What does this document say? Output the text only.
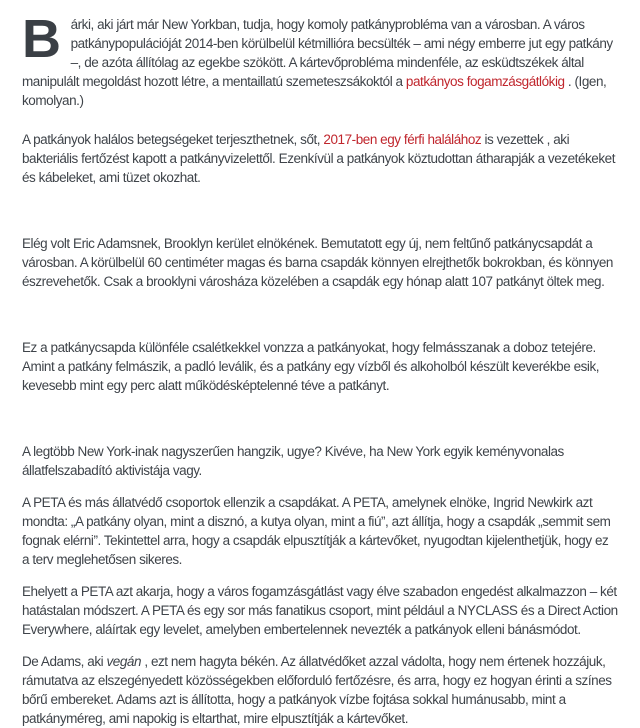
Bárki, aki járt már New Yorkban, tudja, hogy komoly patkányprobléma van a városban. A város patkánypopulációját 2014-ben körülbelül kétmillióra becsülték – ami négy emberre jut egy patkány –, de azóta állítólag az egekbe szökött. A kártevőprobléma mindenféle, az esküdtszékek által manipulált megoldást hozott létre, a mentaillatú szemeteszsákoktól a patkányos fogamzásgátlókig . (Igen, komolyan.)

A patkányok halálos betegségeket terjeszthetnek, sőt, 2017-ben egy férfi halálához is vezettek , aki bakteriális fertőzést kapott a patkányvizelettől. Ezenkívül a patkányok köztudottan átharapják a vezetékeket és kábeleket, ami tüzet okozhat.

Elég volt Eric Adamsnek, Brooklyn kerület elnökének. Bemutatott egy új, nem feltűnő patkánycsapdát a városban. A körülbelül 60 centiméter magas és barna csapdák könnyen elrejthetők bokrokban, és könnyen észrevehetők. Csak a brooklyni városháza közelében a csapdák egy hónap alatt 107 patkányt öltek meg.

Ez a patkánycsapda különféle csalétkekkel vonzza a patkányokat, hogy felmásszanak a doboz tetejére. Amint a patkány felmászik, a padló leválik, és a patkány egy vízből és alkoholból készült keverékbe esik, kevesebb mint egy perc alatt működésképtelenné téve a patkányt.

A legtöbb New York-inak nagyszerűen hangzik, ugye? Kivéve, ha New York egyik keményvonalas állatfelszabadító aktivistája vagy.

A PETA és más állatvédő csoportok ellenzik a csapdákat. A PETA, amelynek elnöke, Ingrid Newkirk azt mondta: „A patkány olyan, mint a disznó, a kutya olyan, mint a fiú”, azt állítja, hogy a csapdák „semmit sem fognak elérni”. Tekintettel arra, hogy a csapdák elpusztítják a kártevőket, nyugodtan kijelenthetjük, hogy ez a terv meglehetősen sikeres.

Ehelyett a PETA azt akarja, hogy a város fogamzásgátlást vagy élve szabadon engedést alkalmazzon – két hatástalan módszert. A PETA és egy sor más fanatikus csoport, mint például a NYCLASS és a Direct Action Everywhere, aláírtak egy levelet, amelyben embertelennek nevezték a patkányok elleni bánásmódot.

De Adams, aki vegán , ezt nem hagyta békén. Az állatvédőket azzal vádolta, hogy nem értenek hozzájuk, rámutatva az elszegényedett közösségekben előforduló fertőzésre, és arra, hogy ez hogyan érinti a színes bőrű embereket. Adams azt is állította, hogy a patkányok vízbe fojtása sokkal humánusabb, mint a patkányméreg, ami napokig is eltarthat, mire elpusztítják a kártevőket.
